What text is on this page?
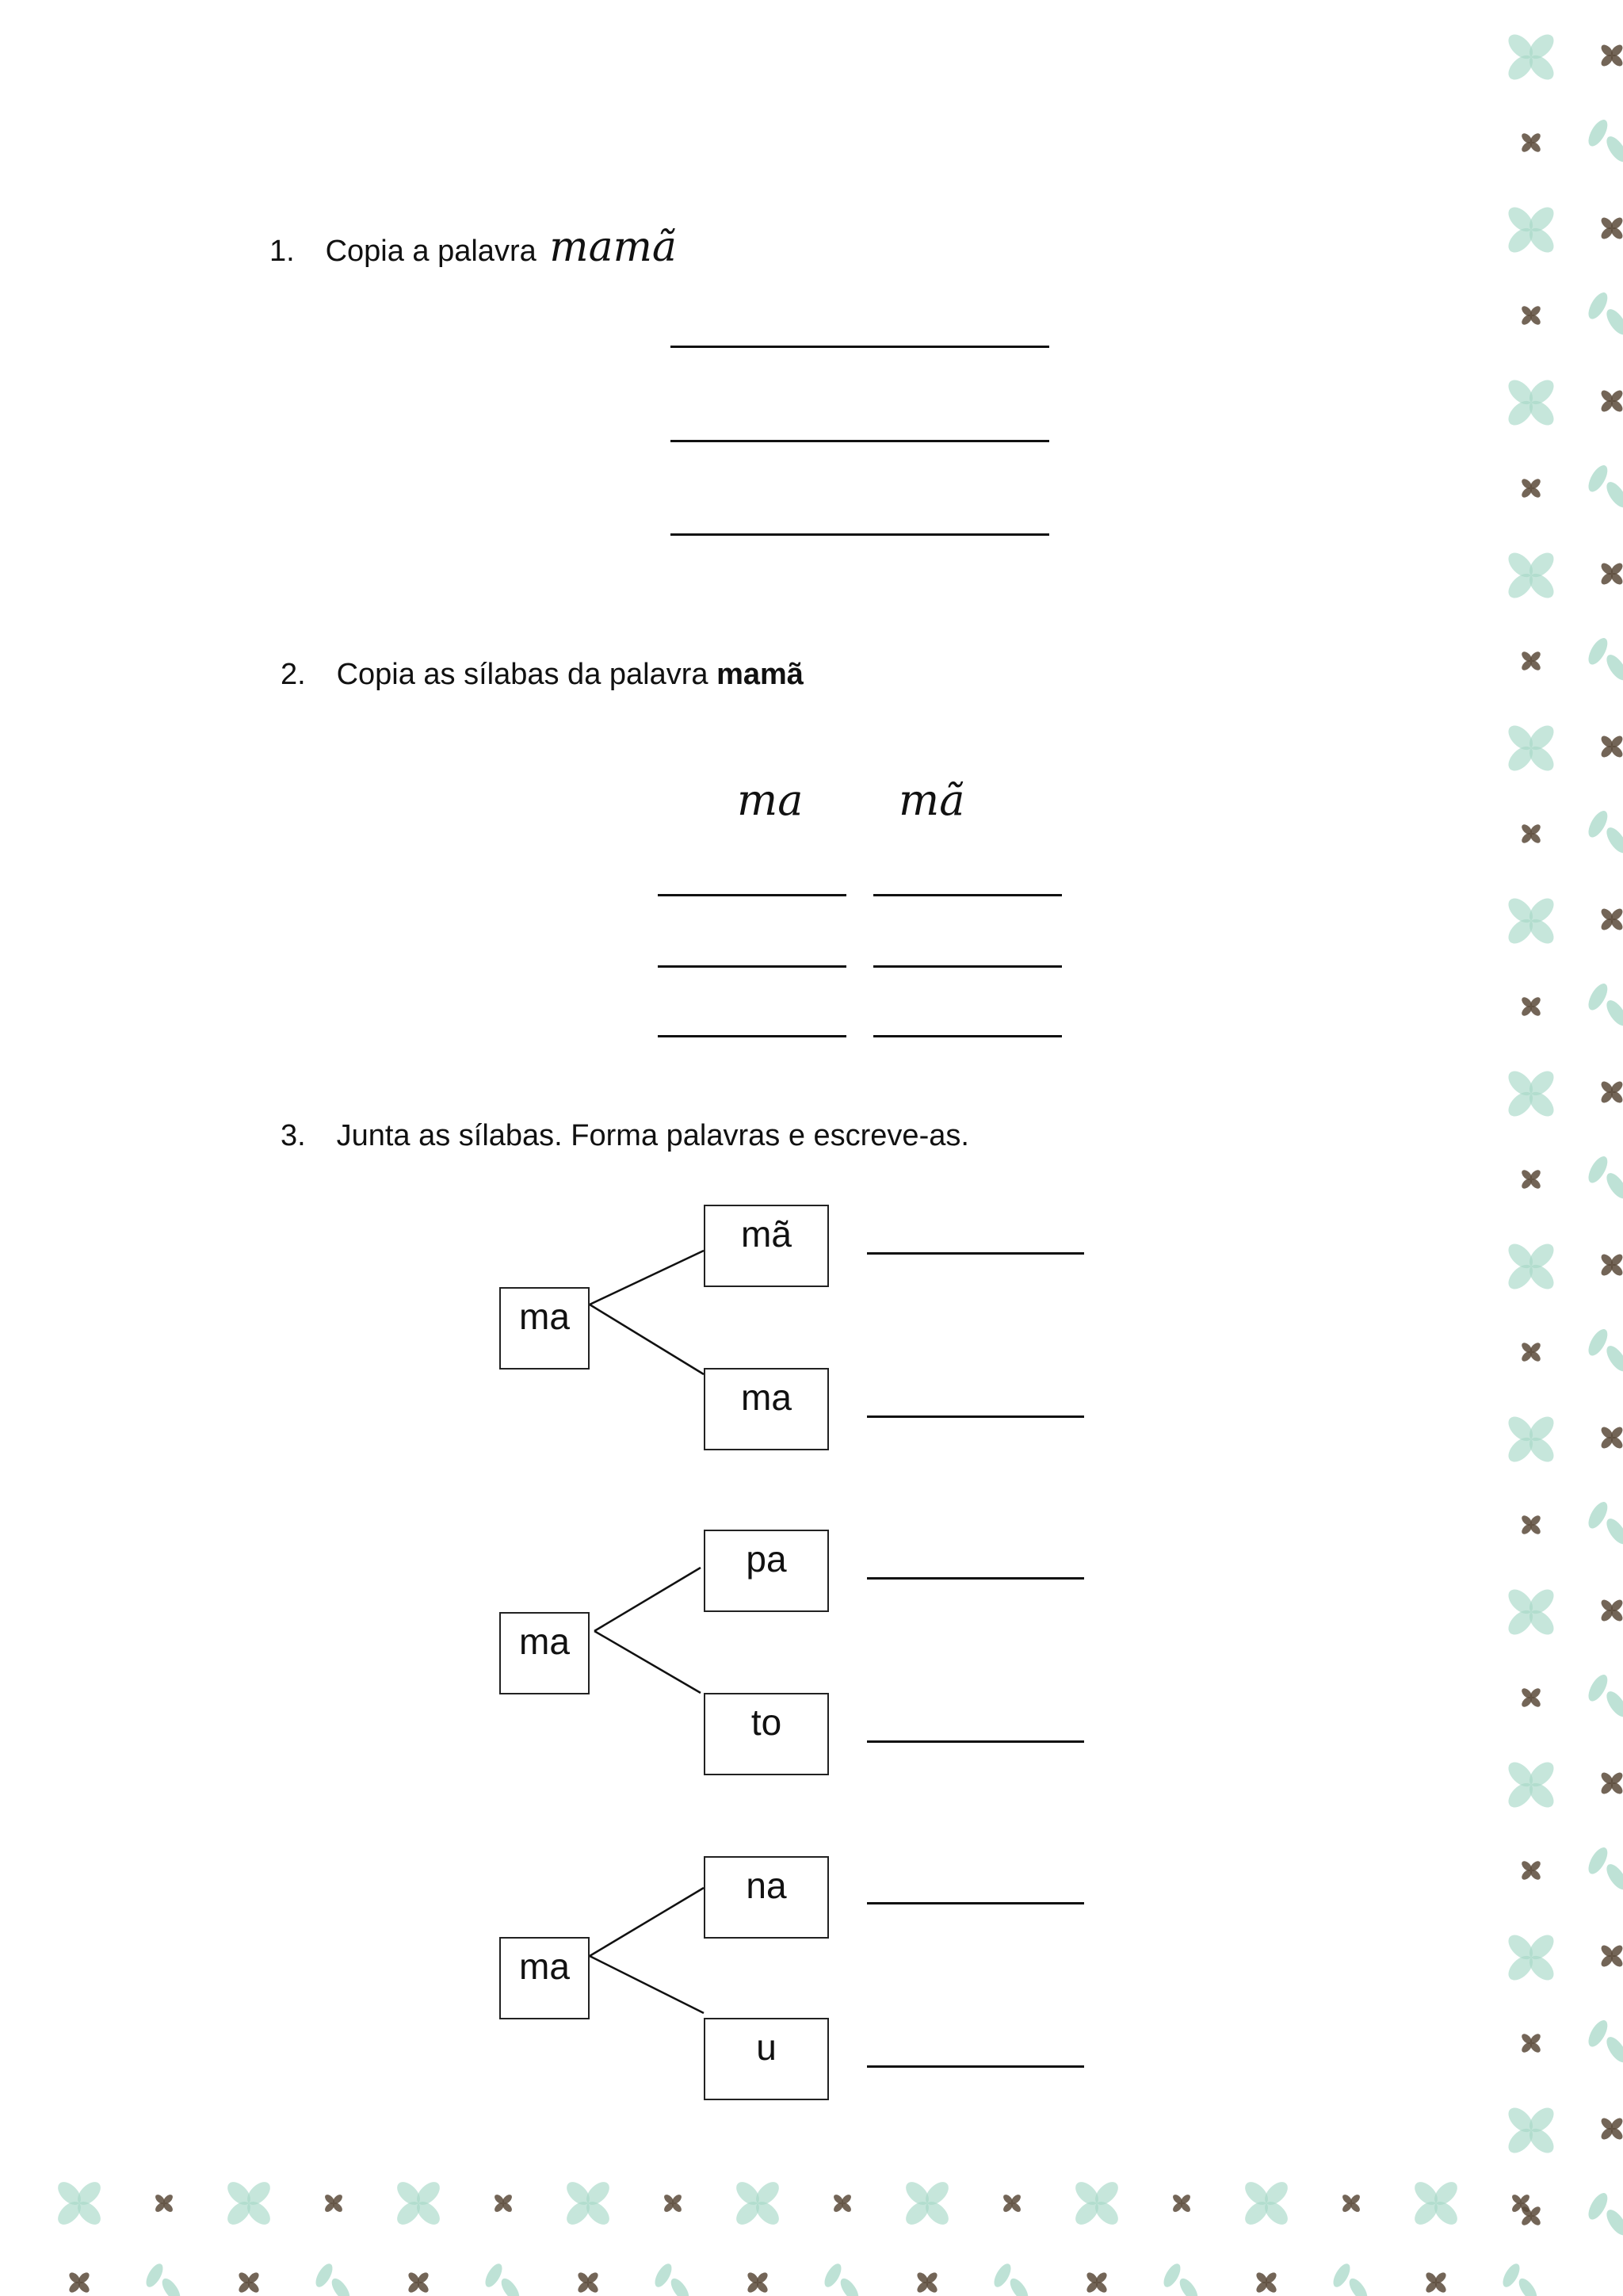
1. Copia a palavra mamã
2. Copia as sílabas da palavra mamã
ma mã
3. Junta as sílabas. Forma palavras e escreve-as.
ma
mã
ma
ma
pa
to
ma
na
u
